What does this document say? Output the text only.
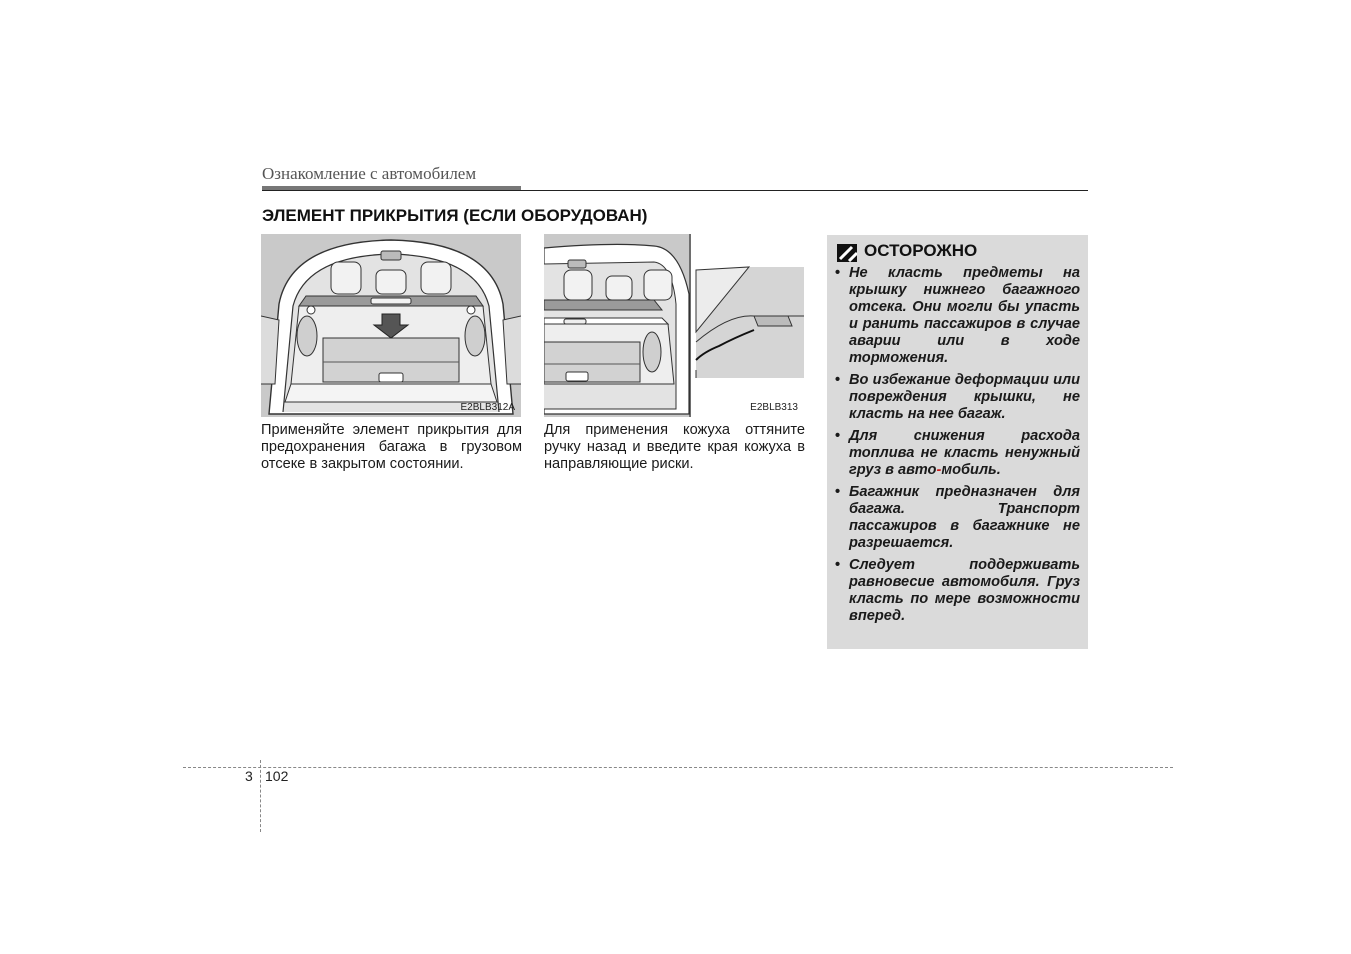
Ознакомление с автомобилем
ЭЛЕМЕНТ ПРИКРЫТИЯ (ЕСЛИ ОБОРУДОВАН)
E2BLB312A	E2BLB313

Применяйте элемент прикрытия для предохранения багажа в грузовом отсеке в закрытом состоянии.

Для применения кожуха оттяните ручку назад и введите края кожуха в направляющие риски.

ОСТОРОЖНО
• Не класть предметы на крышку нижнего багажного отсека. Они могли бы упасть и ранить пассажиров в случае аварии или в ходе торможения.
• Во избежание деформации или повреждения крышки, не класть на нее багаж.
• Для снижения расхода топлива не класть ненужный груз в авто-мобиль.
• Багажник предназначен для багажа. Транспорт пассажиров в багажнике не разрешается.
• Следует поддерживать равновесие автомобиля. Груз класть по мере возможности вперед.
3 102
